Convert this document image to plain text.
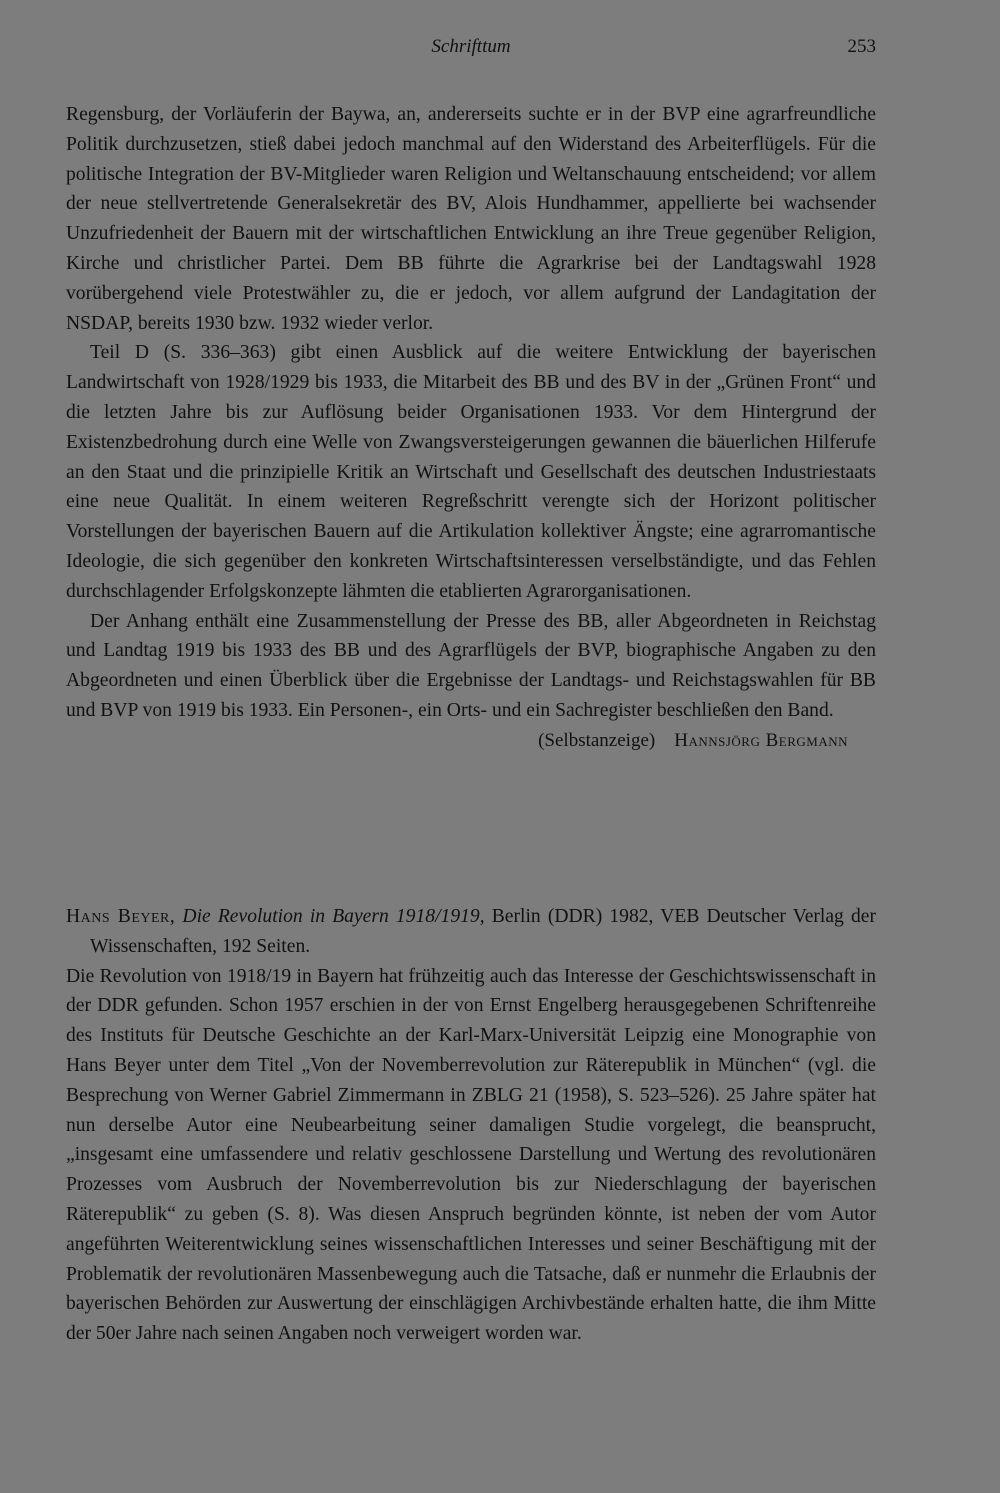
Schrifttum	253

Regensburg, der Vorläuferin der Baywa, an, andererseits suchte er in der BVP eine agrarfreundliche Politik durchzusetzen, stieß dabei jedoch manchmal auf den Widerstand des Arbeiterflügels. Für die politische Integration der BV-Mitglieder waren Religion und Weltanschauung entscheidend; vor allem der neue stellvertretende Generalsekretär des BV, Alois Hundhammer, appellierte bei wachsender Unzufriedenheit der Bauern mit der wirtschaftlichen Entwicklung an ihre Treue gegenüber Religion, Kirche und christlicher Partei. Dem BB führte die Agrarkrise bei der Landtagswahl 1928 vorübergehend viele Protestwähler zu, die er jedoch, vor allem aufgrund der Landagitation der NSDAP, bereits 1930 bzw. 1932 wieder verlor.

Teil D (S. 336–363) gibt einen Ausblick auf die weitere Entwicklung der bayerischen Landwirtschaft von 1928/1929 bis 1933, die Mitarbeit des BB und des BV in der „Grünen Front“ und die letzten Jahre bis zur Auflösung beider Organisationen 1933. Vor dem Hintergrund der Existenzbedrohung durch eine Welle von Zwangsversteigerungen gewannen die bäuerlichen Hilferufe an den Staat und die prinzipielle Kritik an Wirtschaft und Gesellschaft des deutschen Industriestaats eine neue Qualität. In einem weiteren Regreßschritt verengte sich der Horizont politischer Vorstellungen der bayerischen Bauern auf die Artikulation kollektiver Ängste; eine agrarromantische Ideologie, die sich gegenüber den konkreten Wirtschaftsinteressen verselbständigte, und das Fehlen durchschlagender Erfolgskonzepte lähmten die etablierten Agrarorganisationen.

Der Anhang enthält eine Zusammenstellung der Presse des BB, aller Abgeordneten in Reichstag und Landtag 1919 bis 1933 des BB und des Agrarflügels der BVP, biographische Angaben zu den Abgeordneten und einen Überblick über die Ergebnisse der Landtags- und Reichstagswahlen für BB und BVP von 1919 bis 1933. Ein Personen-, ein Orts- und ein Sachregister beschließen den Band.

(Selbstanzeige) Hannsjörg Bergmann

Hans Beyer, Die Revolution in Bayern 1918/1919, Berlin (DDR) 1982, VEB Deutscher Verlag der Wissenschaften, 192 Seiten.

Die Revolution von 1918/19 in Bayern hat frühzeitig auch das Interesse der Geschichtswissenschaft in der DDR gefunden. Schon 1957 erschien in der von Ernst Engelberg herausgegebenen Schriftenreihe des Instituts für Deutsche Geschichte an der Karl-Marx-Universität Leipzig eine Monographie von Hans Beyer unter dem Titel „Von der Novemberrevolution zur Räterepublik in München“ (vgl. die Besprechung von Werner Gabriel Zimmermann in ZBLG 21 (1958), S. 523–526). 25 Jahre später hat nun derselbe Autor eine Neubearbeitung seiner damaligen Studie vorgelegt, die beansprucht, „insgesamt eine umfassendere und relativ geschlossene Darstellung und Wertung des revolutionären Prozesses vom Ausbruch der Novemberrevolution bis zur Niederschlagung der bayerischen Räterepublik“ zu geben (S. 8). Was diesen Anspruch begründen könnte, ist neben der vom Autor angeführten Weiterentwicklung seines wissenschaftlichen Interesses und seiner Beschäftigung mit der Problematik der revolutionären Massenbewegung auch die Tatsache, daß er nunmehr die Erlaubnis der bayerischen Behörden zur Auswertung der einschlägigen Archivbestände erhalten hatte, die ihm Mitte der 50er Jahre nach seinen Angaben noch verweigert worden war.
